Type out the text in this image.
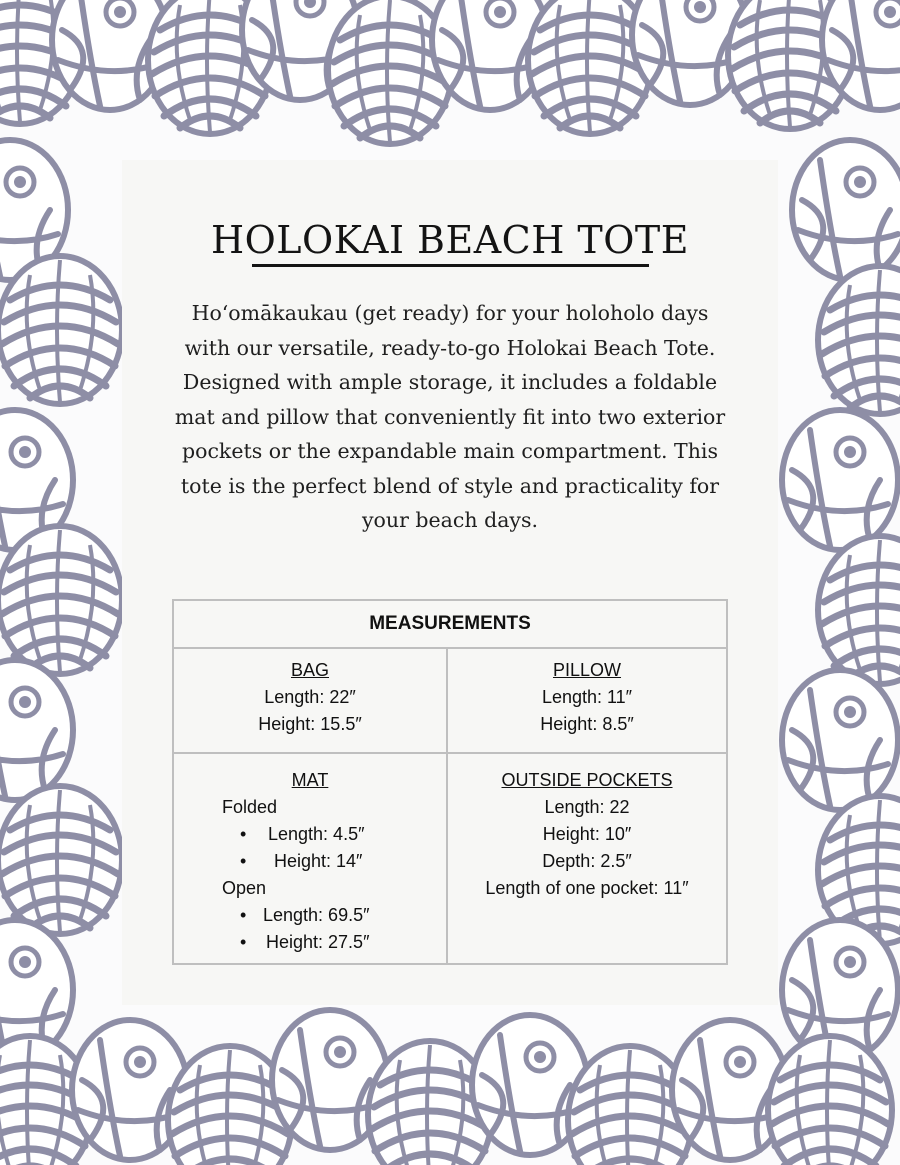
HOLOKAI BEACH TOTE

Hoʻomākaukau (get ready) for your holoholo days with our versatile, ready-to-go Holokai Beach Tote. Designed with ample storage, it includes a foldable mat and pillow that conveniently fit into two exterior pockets or the expandable main compartment. This tote is the perfect blend of style and practicality for your beach days.

MEASUREMENTS
BAG
Length: 22″
Height: 15.5″
PILLOW
Length: 11″
Height: 8.5″
MAT
Folded
• Length: 4.5″
• Height: 14″
Open
• Length: 69.5″
• Height: 27.5″
OUTSIDE POCKETS
Length: 22
Height: 10″
Depth: 2.5″
Length of one pocket: 11″
